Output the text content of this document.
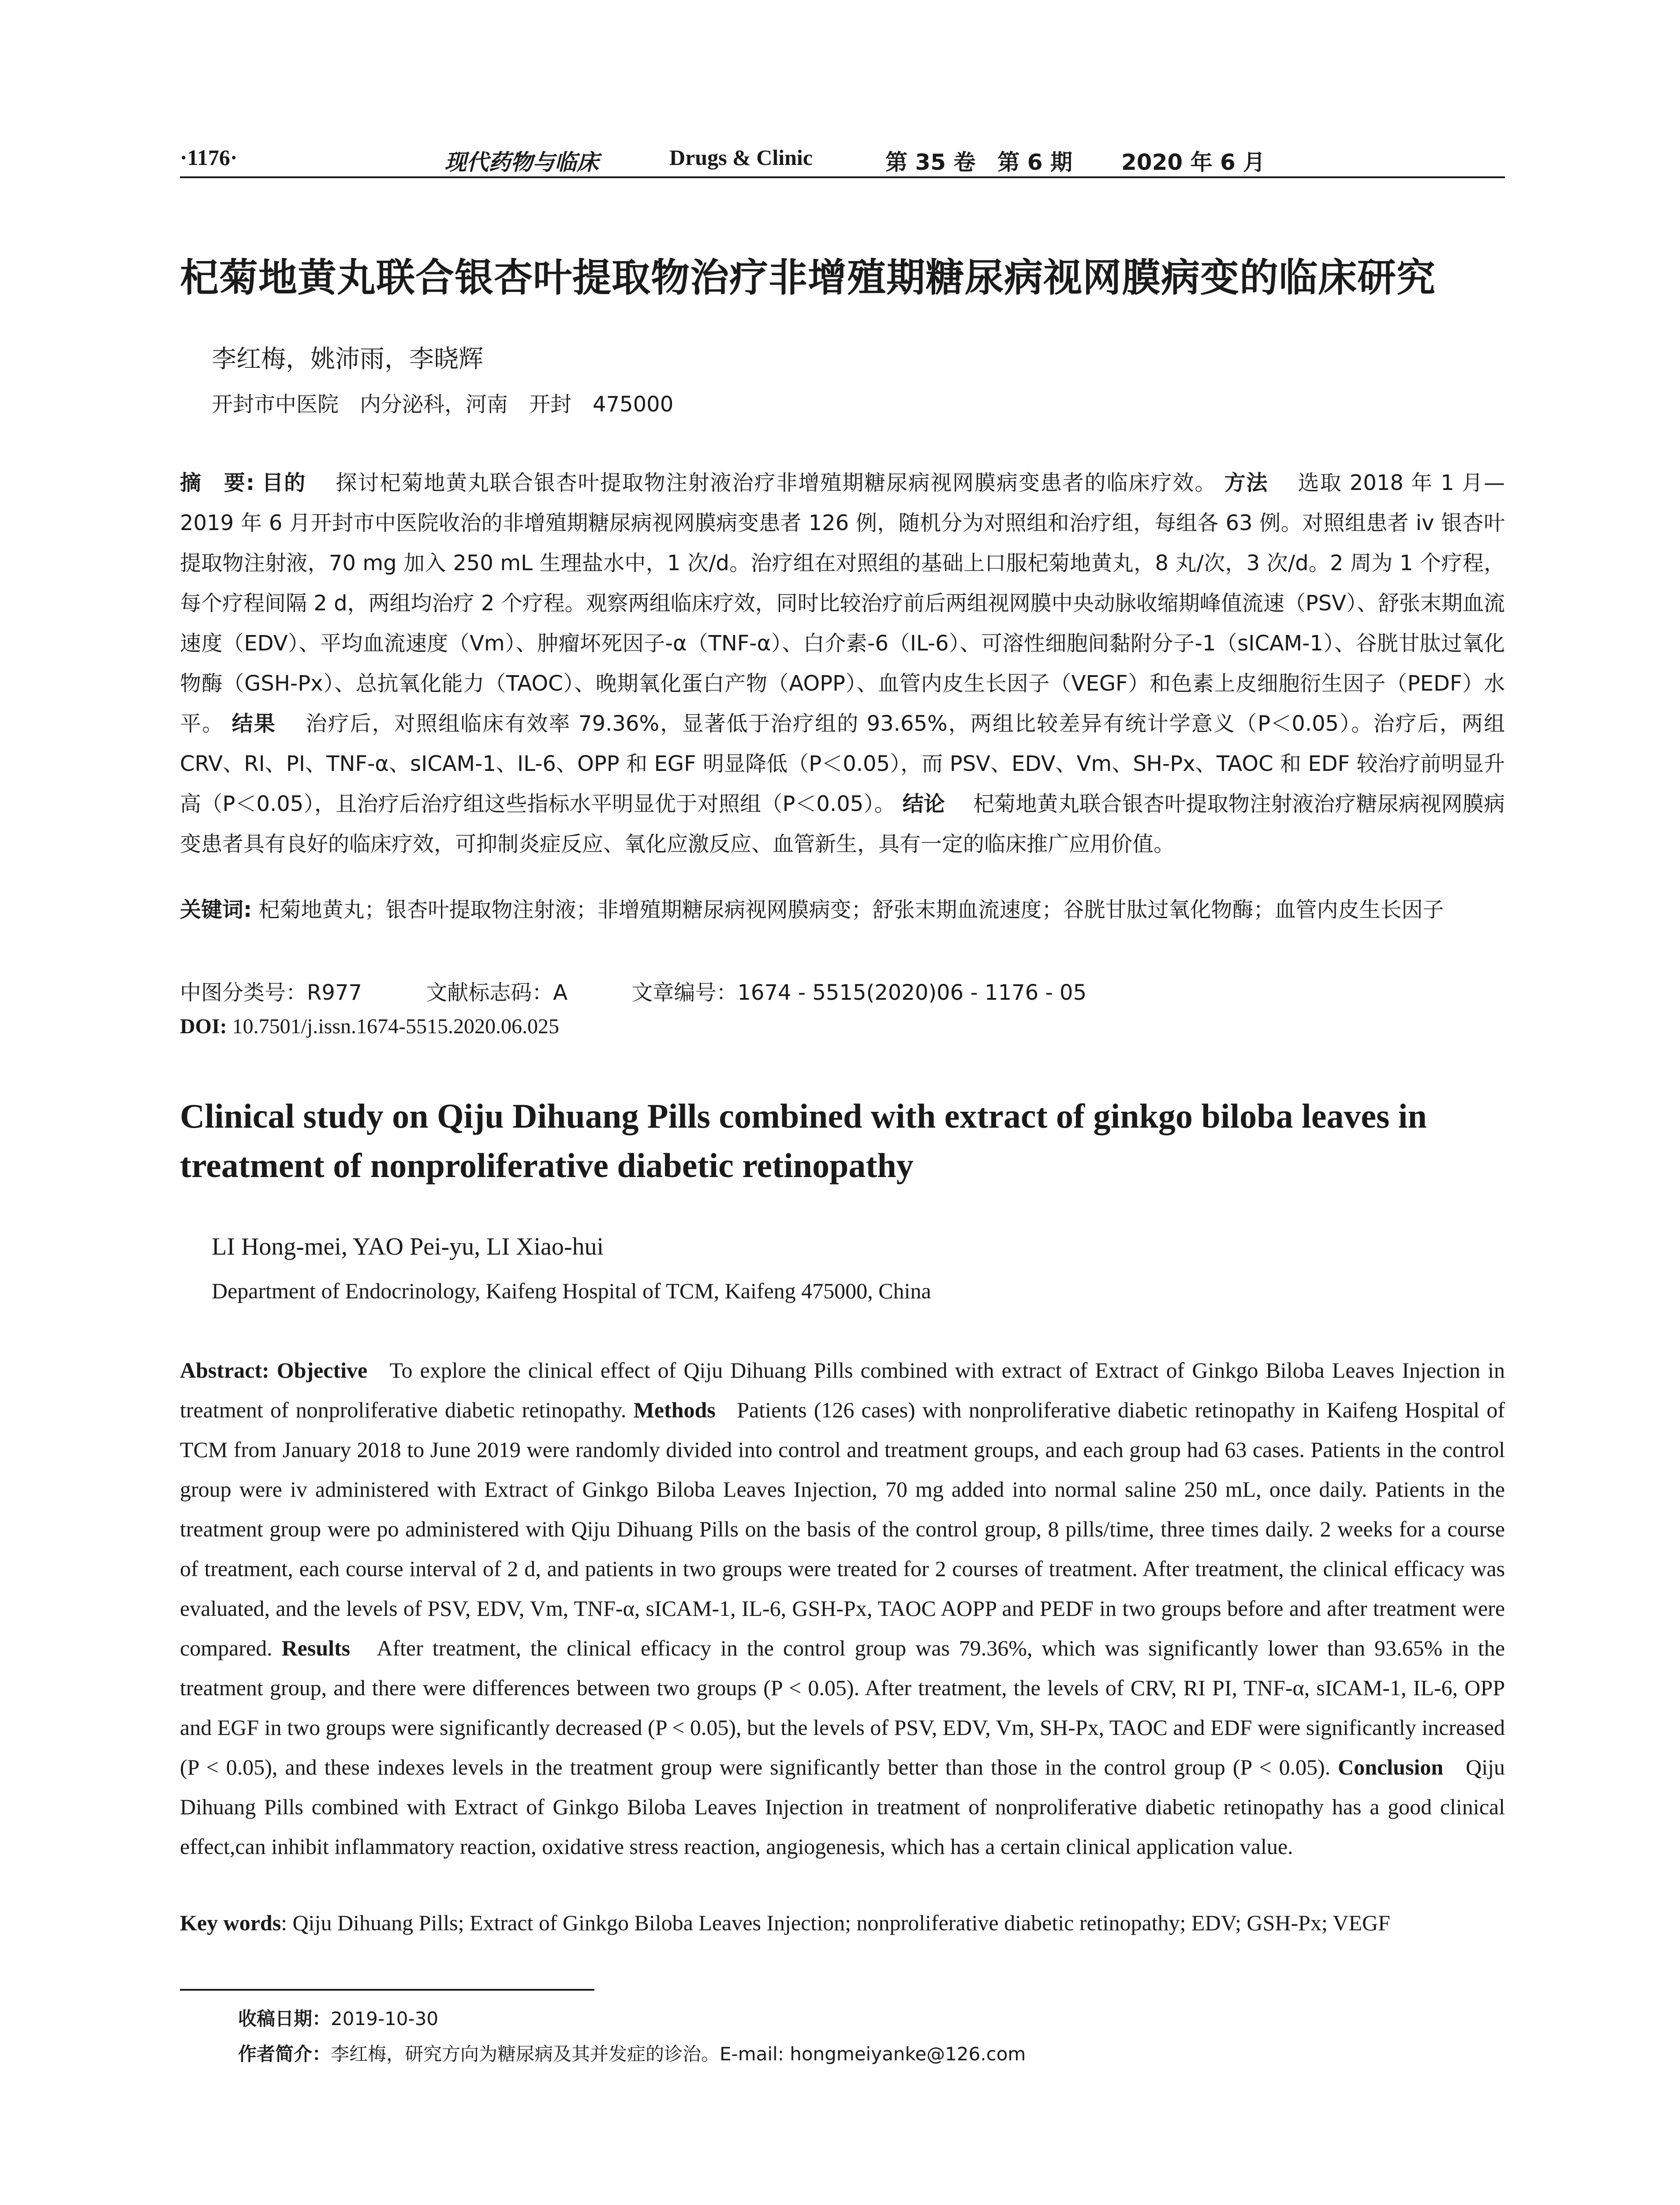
·1176·	现代药物与临床	Drugs & Clinic	第 35 卷　第 6 期 2020 年 6 月
杞菊地黄丸联合银杏叶提取物治疗非增殖期糖尿病视网膜病变的临床研究
李红梅，姚沛雨，李晓辉
开封市中医院　内分泌科，河南　开封　475000
摘　要: 目的　 探讨杞菊地黄丸联合银杏叶提取物注射液治疗非增殖期糖尿病视网膜病变患者的临床疗效。 方法　 选取 2018 年 1 月—2019 年 6 月开封市中医院收治的非增殖期糖尿病视网膜病变患者 126 例，随机分为对照组和治疗组，每组各 63 例。对照组患者 iv 银杏叶提取物注射液，70 mg 加入 250 mL 生理盐水中，1 次/d。治疗组在对照组的基础上口服杞菊地黄丸，8 丸/次，3 次/d。2 周为 1 个疗程，每个疗程间隔 2 d，两组均治疗 2 个疗程。观察两组临床疗效，同时比较治疗前后两组视网膜中央动脉收缩期峰值流速（PSV）、舒张末期血流速度（EDV）、平均血流速度（Vm）、肿瘤坏死因子-α（TNF-α）、白介素-6（IL-6）、可溶性细胞间黏附分子-1（sICAM-1）、谷胱甘肽过氧化物酶（GSH-Px）、总抗氧化能力（TAOC）、晚期氧化蛋白产物（AOPP）、血管内皮生长因子（VEGF）和色素上皮细胞衍生因子（PEDF）水平。 结果　 治疗后，对照组临床有效率 79.36%，显著低于治疗组的 93.65%，两组比较差异有统计学意义（P＜0.05）。治疗后，两组 CRV、RI、PI、TNF-α、sICAM-1、IL-6、OPP 和 EGF 明显降低（P＜0.05），而 PSV、EDV、Vm、SH-Px、TAOC 和 EDF 较治疗前明显升高（P＜0.05），且治疗后治疗组这些指标水平明显优于对照组（P＜0.05）。 结论　 杞菊地黄丸联合银杏叶提取物注射液治疗糖尿病视网膜病变患者具有良好的临床疗效，可抑制炎症反应、氧化应激反应、血管新生，具有一定的临床推广应用价值。
关键词: 杞菊地黄丸；银杏叶提取物注射液；非增殖期糖尿病视网膜病变；舒张末期血流速度；谷胱甘肽过氧化物酶；血管内皮生长因子
中图分类号：R977	文献标志码：A	文章编号：1674 - 5515(2020)06 - 1176 - 05
DOI: 10.7501/j.issn.1674-5515.2020.06.025
Clinical study on Qiju Dihuang Pills combined with extract of ginkgo biloba leaves in treatment of nonproliferative diabetic retinopathy
LI Hong-mei, YAO Pei-yu, LI Xiao-hui
Department of Endocrinology, Kaifeng Hospital of TCM, Kaifeng 475000, China
Abstract: Objective To explore the clinical effect of Qiju Dihuang Pills combined with extract of Extract of Ginkgo Biloba Leaves Injection in treatment of nonproliferative diabetic retinopathy. Methods Patients (126 cases) with nonproliferative diabetic retinopathy in Kaifeng Hospital of TCM from January 2018 to June 2019 were randomly divided into control and treatment groups, and each group had 63 cases. Patients in the control group were iv administered with Extract of Ginkgo Biloba Leaves Injection, 70 mg added into normal saline 250 mL, once daily. Patients in the treatment group were po administered with Qiju Dihuang Pills on the basis of the control group, 8 pills/time, three times daily. 2 weeks for a course of treatment, each course interval of 2 d, and patients in two groups were treated for 2 courses of treatment. After treatment, the clinical efficacy was evaluated, and the levels of PSV, EDV, Vm, TNF-α, sICAM-1, IL-6, GSH-Px, TAOC AOPP and PEDF in two groups before and after treatment were compared. Results After treatment, the clinical efficacy in the control group was 79.36%, which was significantly lower than 93.65% in the treatment group, and there were differences between two groups (P < 0.05). After treatment, the levels of CRV, RI PI, TNF-α, sICAM-1, IL-6, OPP and EGF in two groups were significantly decreased (P < 0.05), but the levels of PSV, EDV, Vm, SH-Px, TAOC and EDF were significantly increased (P < 0.05), and these indexes levels in the treatment group were significantly better than those in the control group (P < 0.05). Conclusion Qiju Dihuang Pills combined with Extract of Ginkgo Biloba Leaves Injection in treatment of nonproliferative diabetic retinopathy has a good clinical effect,can inhibit inflammatory reaction, oxidative stress reaction, angiogenesis, which has a certain clinical application value.
Key words: Qiju Dihuang Pills; Extract of Ginkgo Biloba Leaves Injection; nonproliferative diabetic retinopathy; EDV; GSH-Px; VEGF
收稿日期：2019-10-30
作者简介：李红梅，研究方向为糖尿病及其并发症的诊治。E-mail: hongmeiyanke@126.com
